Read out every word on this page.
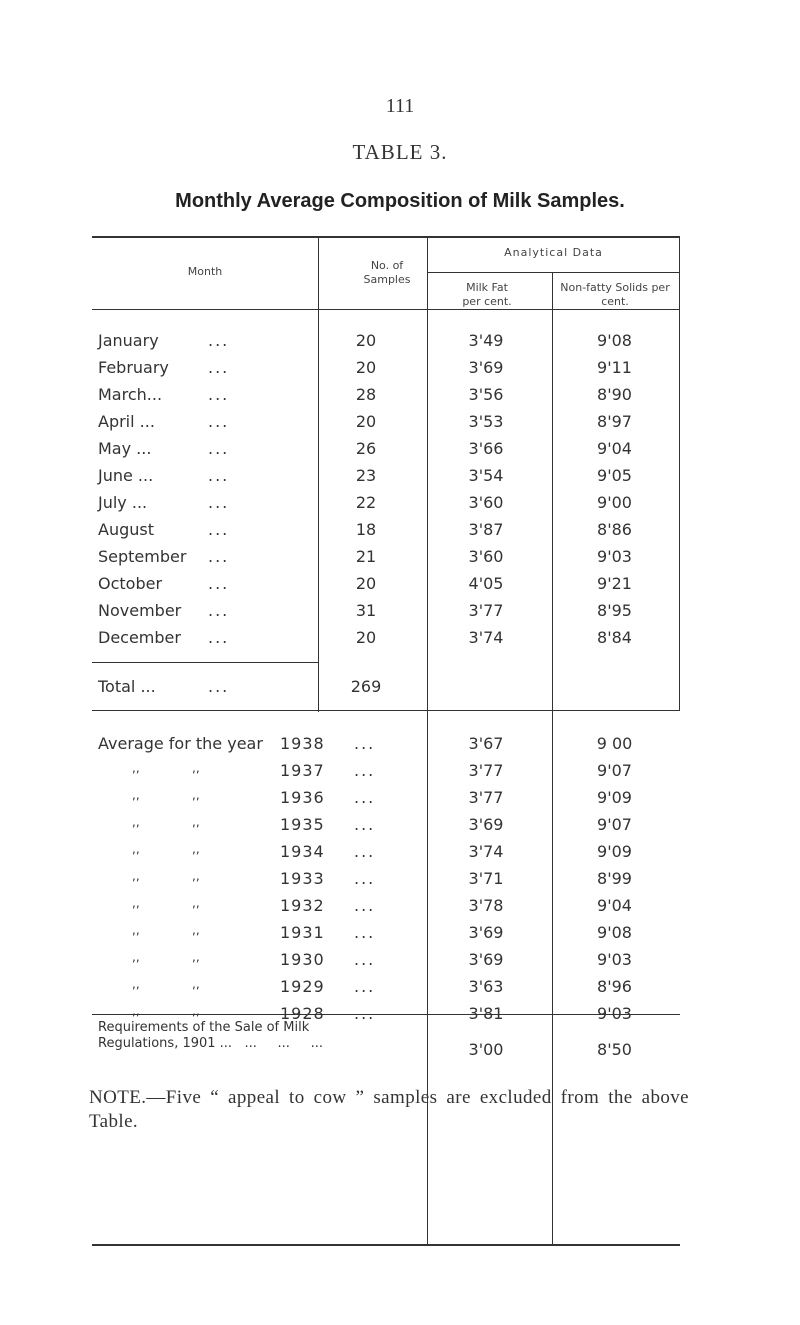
111
TABLE 3.
Monthly Average Composition of Milk Samples.
Month	No. of Samples
Analytical Data
Milk Fat per cent.
Non-fatty Solids per cent.
January	...	20	3'49	9'08
February ...	20	3'69	9'11
March...	...	28	3'56	8'90
April ...	...	20	3'53	8'97
May ...	...	26	3'66	9'04
June ...	...	23	3'54	9'05
July ...	...	22	3'60	9'00
August	...	18	3'87	8'86
September ...	21	3'60	9'03
October	...	20	4'05	9'21
November ...	31	3'77	8'95
December ...	20	3'74	8'84
Total ...	...	269
Average for the year 1938 ...	3'67	9 00
,,	,,	1937 ...	3'77	9'07
,,	,,	1936 ...	3'77	9'09
,,	,,	1935 ...	3'69	9'07
,,	,,	1934 ...	3'74	9'09
,,	,,	1933 ...	3'71	8'99
,,	,,	1932 ...	3'78	9'04
,,	,,	1931 ...	3'69	9'08
,,	,,	1930 ...	3'69	9'03
,,	,,	1929 ...	3'63	8'96
,,	,,	1928 ...	3'81	9'03
Requirements of the Sale of Milk
Regulations, 1901 ... ...     ...     ...	3'00	8'50
NOTE.—Five “ appeal to cow ” samples are excluded from the above Table.
